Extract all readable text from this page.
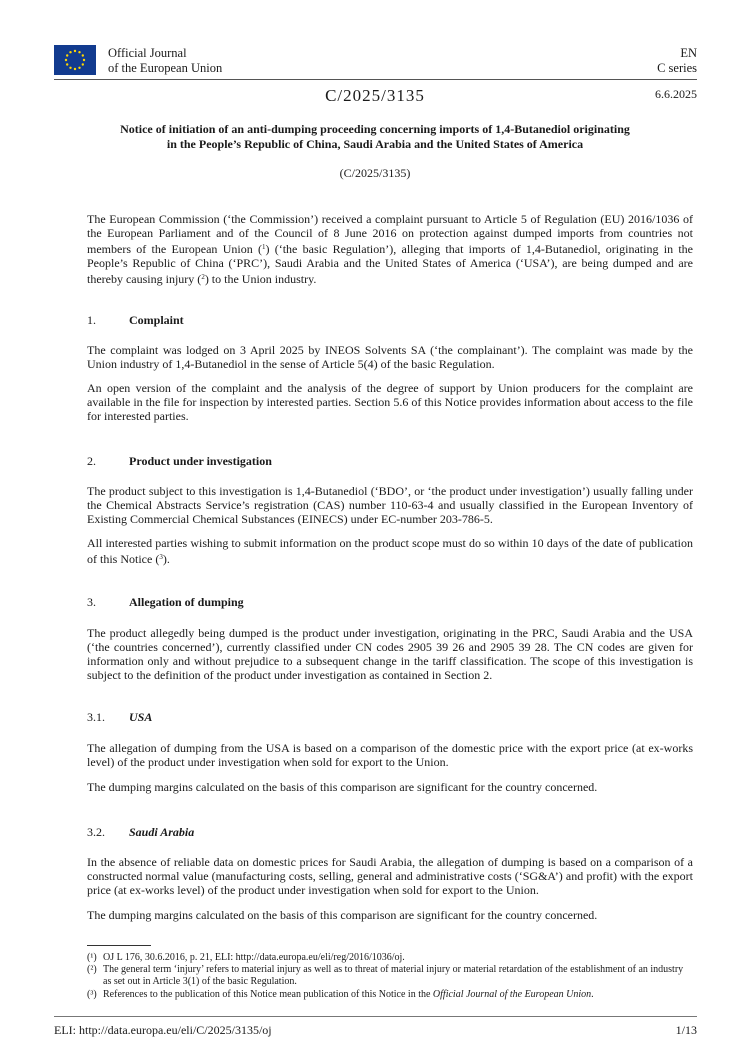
Official Journal
of the European Union
EN
C series
C/2025/3135	6.6.2025
Notice of initiation of an anti-dumping proceeding concerning imports of 1,4-Butanediol originating
in the People’s Republic of China, Saudi Arabia and the United States of America
(C/2025/3135)

The European Commission (‘the Commission’) received a complaint pursuant to Article 5 of Regulation (EU) 2016/1036 of the European Parliament and of the Council of 8 June 2016 on protection against dumped imports from countries not members of the European Union ($^1$) (‘the basic Regulation’), alleging that imports of 1,4-Butanediol, originating in the People’s Republic of China (‘PRC’), Saudi Arabia and the United States of America (‘USA’), are being dumped and are thereby causing injury ($^2$) to the Union industry.

1.	Complaint

The complaint was lodged on 3 April 2025 by INEOS Solvents SA (‘the complainant’). The complaint was made by the Union industry of 1,4-Butanediol in the sense of Article 5(4) of the basic Regulation.

An open version of the complaint and the analysis of the degree of support by Union producers for the complaint are available in the file for inspection by interested parties. Section 5.6 of this Notice provides information about access to the file for interested parties.

2.	Product under investigation

The product subject to this investigation is 1,4-Butanediol (‘BDO’, or ‘the product under investigation’) usually falling under the Chemical Abstracts Service’s registration (CAS) number 110-63-4 and usually classified in the European Inventory of Existing Commercial Chemical Substances (EINECS) under EC-number 203-786-5.

All interested parties wishing to submit information on the product scope must do so within 10 days of the date of publication of this Notice ($^3$).

3.	Allegation of dumping

The product allegedly being dumped is the product under investigation, originating in the PRC, Saudi Arabia and the USA (‘the countries concerned’), currently classified under CN codes 2905 39 26 and 2905 39 28. The CN codes are given for information only and without prejudice to a subsequent change in the tariff classification. The scope of this investigation is subject to the definition of the product under investigation as contained in Section 2.

3.1. USA

The allegation of dumping from the USA is based on a comparison of the domestic price with the export price (at ex-works level) of the product under investigation when sold for export to the Union.

The dumping margins calculated on the basis of this comparison are significant for the country concerned.

3.2. Saudi Arabia

In the absence of reliable data on domestic prices for Saudi Arabia, the allegation of dumping is based on a comparison of a constructed normal value (manufacturing costs, selling, general and administrative costs (‘SG&A’) and profit) with the export price (at ex-works level) of the product under investigation when sold for export to the Union.

The dumping margins calculated on the basis of this comparison are significant for the country concerned.

(¹) OJ L 176, 30.6.2016, p. 21, ELI: http://data.europa.eu/eli/reg/2016/1036/oj.

(²) The general term ‘injury’ refers to material injury as well as to threat of material injury or material retardation of the establishment of an industry as set out in Article 3(1) of the basic Regulation.

(³) References to the publication of this Notice mean publication of this Notice in the Official Journal of the European Union.

ELI: http://data.europa.eu/eli/C/2025/3135/oj	1/13
